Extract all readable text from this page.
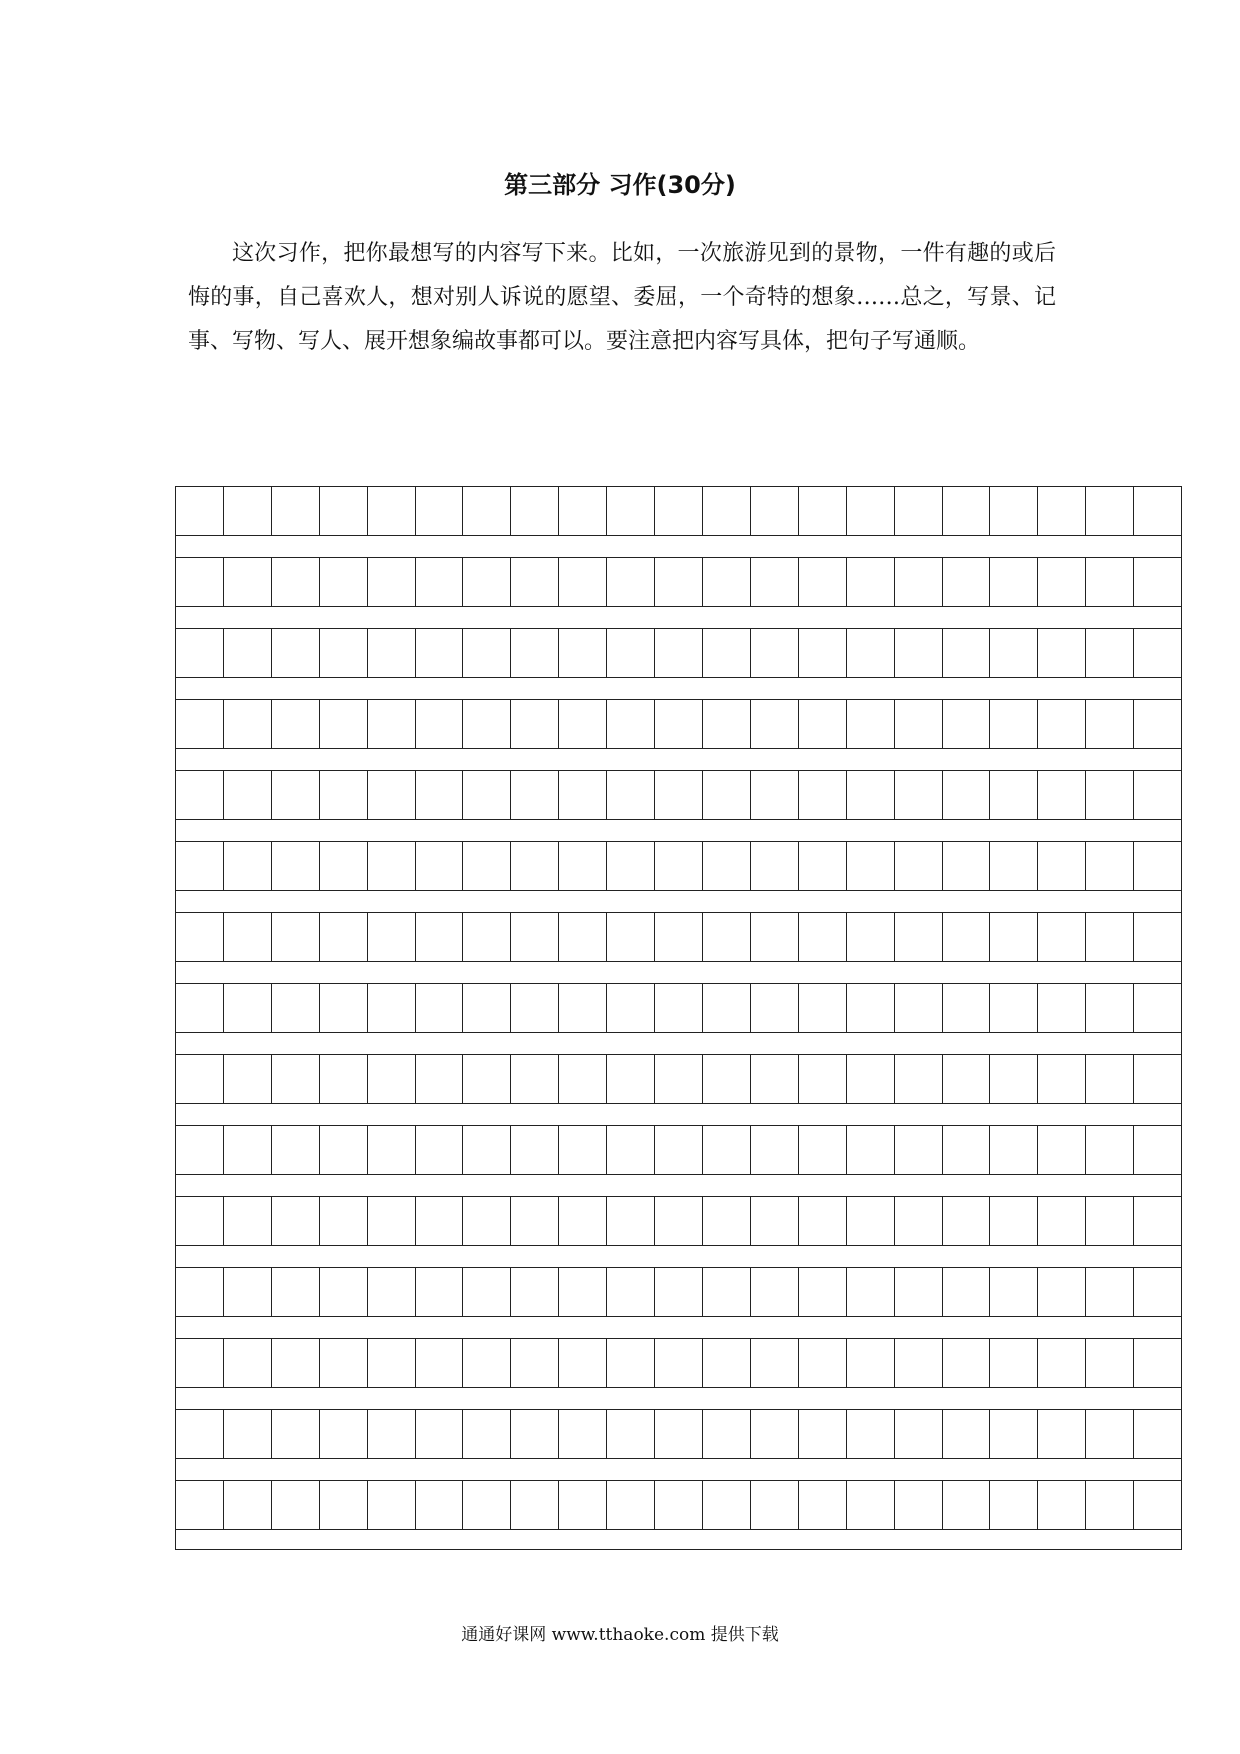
第三部分 习作(30分)

这次习作，把你最想写的内容写下来。比如，一次旅游见到的景物，一件有趣的或后悔的事，自己喜欢人，想对别人诉说的愿望、委屈，一个奇特的想象……总之，写景、记事、写物、写人、展开想象编故事都可以。要注意把内容写具体，把句子写通顺。

通通好课网 www.tthaoke.com 提供下载
